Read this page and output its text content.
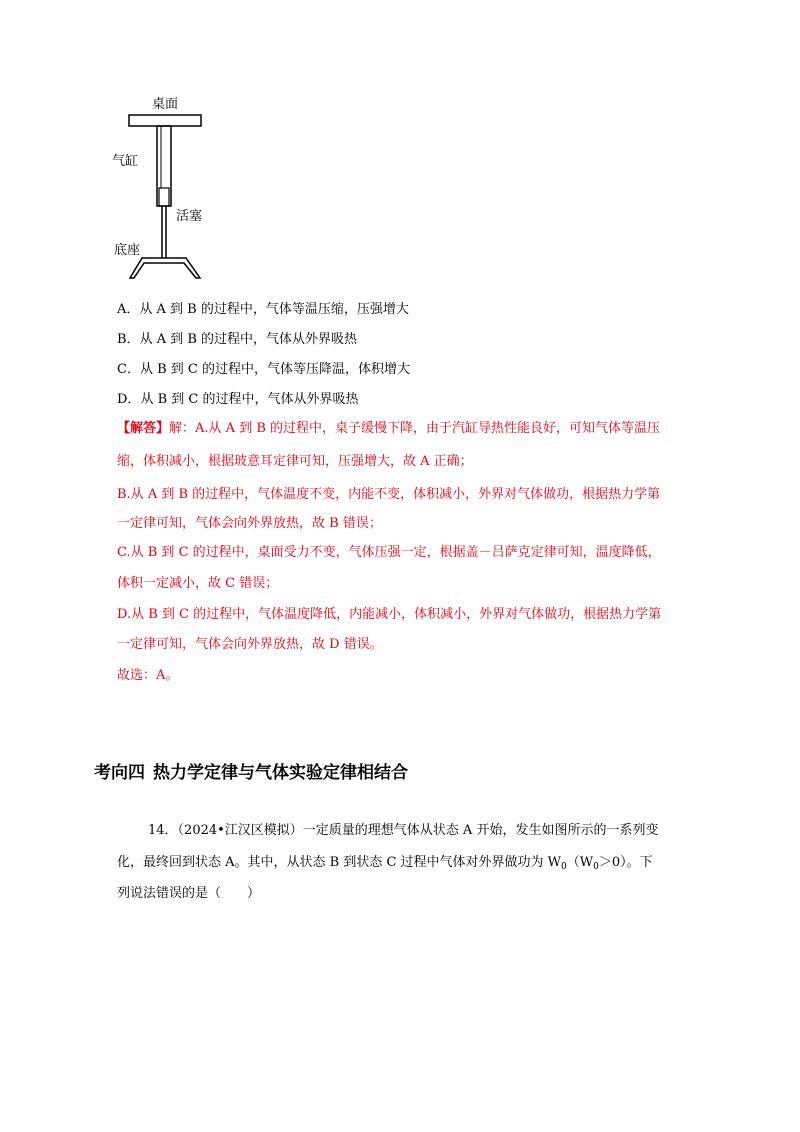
桌面
气缸
活塞
底座
A．从 A 到 B 的过程中，气体等温压缩，压强增大
B．从 A 到 B 的过程中，气体从外界吸热
C．从 B 到 C 的过程中，气体等压降温，体积增大
D．从 B 到 C 的过程中，气体从外界吸热
【解答】解：A.从 A 到 B 的过程中，桌子缓慢下降，由于汽缸导热性能良好，可知气体等温压
缩，体积减小，根据玻意耳定律可知，压强增大，故 A 正确；
B.从 A 到 B 的过程中，气体温度不变，内能不变，体积减小，外界对气体做功，根据热力学第
一定律可知，气体会向外界放热，故 B 错误；
C.从 B 到 C 的过程中，桌面受力不变，气体压强一定，根据盖－吕萨克定律可知，温度降低，
体积一定减小，故 C 错误；
D.从 B 到 C 的过程中，气体温度降低，内能减小，体积减小，外界对气体做功，根据热力学第
一定律可知，气体会向外界放热，故 D 错误。
故选：A。
考向四 热力学定律与气体实验定律相结合
14．（2024•江汉区模拟）一定质量的理想气体从状态 A 开始，发生如图所示的一系列变
化，最终回到状态 A。其中，从状态 B 到状态 C 过程中气体对外界做功为 $W_0(W_0>0)$。下
列说法错误的是（　　）
